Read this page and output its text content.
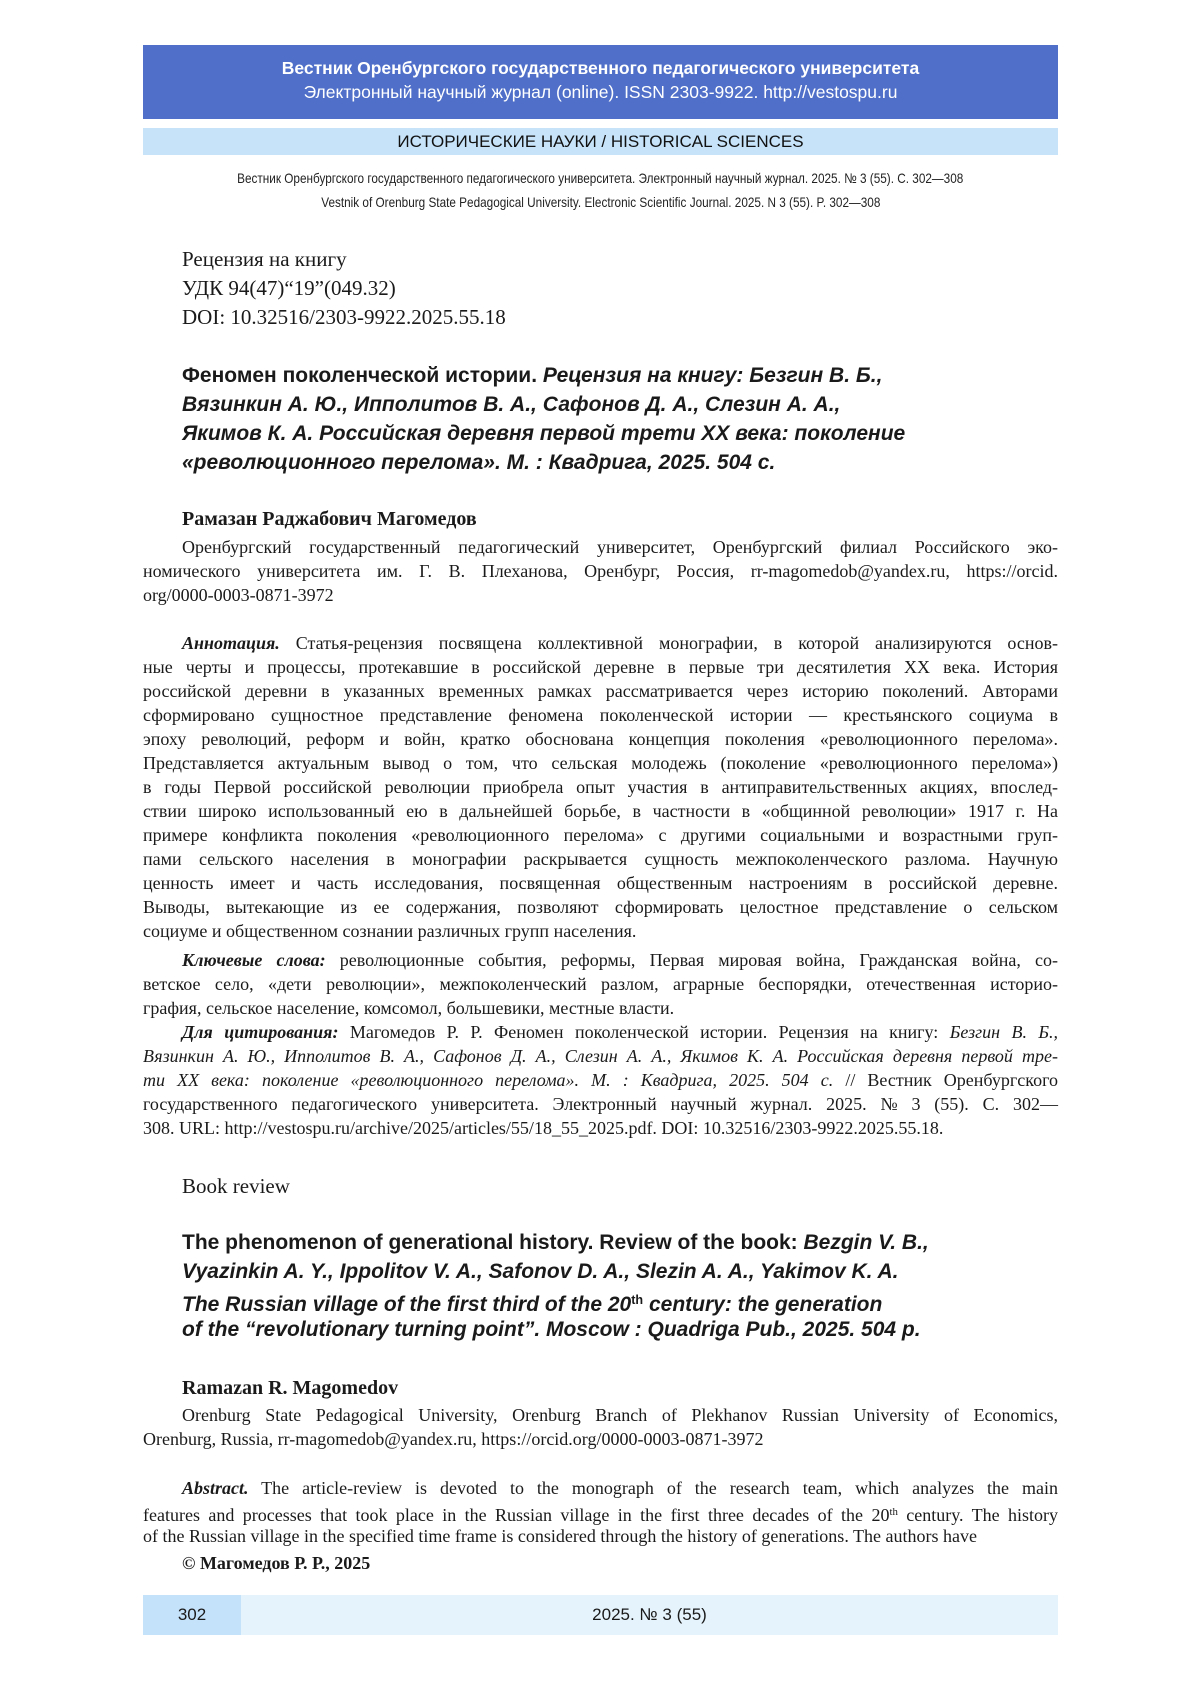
Вестник Оренбургского государственного педагогического университета
Электронный научный журнал (online). ISSN 2303-9922. http://vestospu.ru
ИСТОРИЧЕСКИЕ НАУКИ / HISTORICAL SCIENCES
Вестник Оренбургского государственного педагогического университета. Электронный научный журнал. 2025. № 3 (55). С. 302—308
Vestnik of Orenburg State Pedagogical University. Electronic Scientific Journal. 2025. N 3 (55). P. 302—308
Рецензия на книгу
УДК 94(47)“19”(049.32)
DOI: 10.32516/2303-9922.2025.55.18
Феномен поколенческой истории. Рецензия на книгу: Безгин В. Б.,
Вязинкин А. Ю., Ипполитов В. А., Сафонов Д. А., Слезин А. А.,
Якимов К. А. Российская деревня первой трети XX века: поколение
«революционного перелома». М. : Квадрига, 2025. 504 с.
Рамазан Раджабович Магомедов
Оренбургский государственный педагогический университет, Оренбургский филиал Российского эко-
номического университета им. Г. В. Плеханова, Оренбург, Россия, rr-magomedob@yandex.ru, https://orcid.
org/0000-0003-0871-3972
Аннотация. Статья-рецензия посвящена коллективной монографии, в которой анализируются основ-
ные черты и процессы, протекавшие в российской деревне в первые три десятилетия XX века. История
российской деревни в указанных временных рамках рассматривается через историю поколений. Авторами
сформировано сущностное представление феномена поколенческой истории — крестьянского социума в
эпоху революций, реформ и войн, кратко обоснована концепция поколения «революционного перелома».
Представляется актуальным вывод о том, что сельская молодежь (поколение «революционного перелома»)
в годы Первой российской революции приобрела опыт участия в антиправительственных акциях, впослед-
ствии широко использованный ею в дальнейшей борьбе, в частности в «общинной революции» 1917 г. На
примере конфликта поколения «революционного перелома» с другими социальными и возрастными груп-
пами сельского населения в монографии раскрывается сущность межпоколенческого разлома. Научную
ценность имеет и часть исследования, посвященная общественным настроениям в российской деревне.
Выводы, вытекающие из ее содержания, позволяют сформировать целостное представление о сельском
социуме и общественном сознании различных групп населения.
Ключевые слова: революционные события, реформы, Первая мировая война, Гражданская война, со-
ветское село, «дети революции», межпоколенческий разлом, аграрные беспорядки, отечественная историо-
графия, сельское население, комсомол, большевики, местные власти.
Для цитирования: Магомедов Р. Р. Феномен поколенческой истории. Рецензия на книгу: Безгин В. Б.,
Вязинкин А. Ю., Ипполитов В. А., Сафонов Д. А., Слезин А. А., Якимов К. А. Российская деревня первой тре-
ти XX века: поколение «революционного перелома». М. : Квадрига, 2025. 504 с. // Вестник Оренбургского
государственного педагогического университета. Электронный научный журнал. 2025. № 3 (55). С. 302—
308. URL: http://vestospu.ru/archive/2025/articles/55/18_55_2025.pdf. DOI: 10.32516/2303-9922.2025.55.18.
Book review
The phenomenon of generational history. Review of the book: Bezgin V. B.,
Vyazinkin A. Y., Ippolitov V. A., Safonov D. A., Slezin A. A., Yakimov K. A.
The Russian village of the first third of the 20th century: the generation
of the “revolutionary turning point”. Moscow : Quadriga Pub., 2025. 504 p.
Ramazan R. Magomedov
Orenburg State Pedagogical University, Orenburg Branch of Plekhanov Russian University of Economics,
Orenburg, Russia, rr-magomedob@yandex.ru, https://orcid.org/0000-0003-0871-3972
Abstract. The article-review is devoted to the monograph of the research team, which analyzes the main
features and processes that took place in the Russian village in the first three decades of the 20th century. The history
of the Russian village in the specified time frame is considered through the history of generations. The authors have
© Магомедов Р. Р., 2025
302	2025. № 3 (55)
